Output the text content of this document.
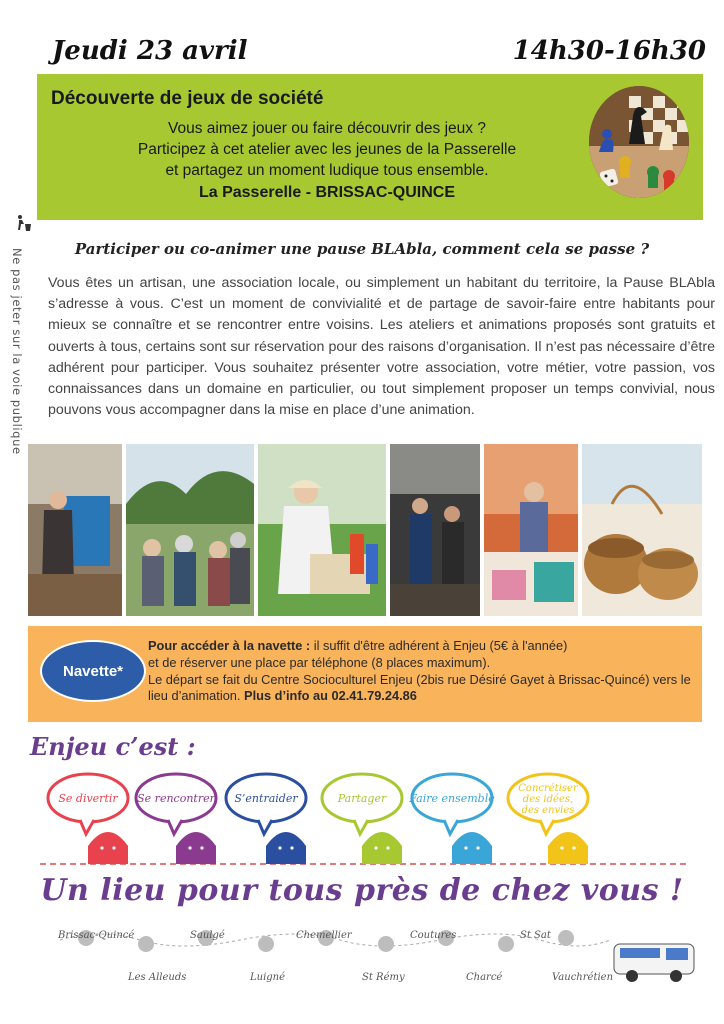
Jeudi 23 avril	14h30-16h30
Découverte de jeux de société
Vous aimez jouer ou faire découvrir des jeux ?
Participez à cet atelier avec les jeunes de la Passerelle
et partagez un moment ludique tous ensemble.
La Passerelle - BRISSAC-QUINCE
Ne pas jeter sur la voie publique	Participer ou co-animer une pause BLAbla, comment cela se passe ?
Vous êtes un artisan, une association locale, ou simplement un habitant du territoire, la Pause BLAbla s’adresse à vous. C’est un moment de convivialité et de partage de savoir-faire entre habitants pour mieux se connaître et se rencontrer entre voisins. Les ateliers et animations proposés sont gratuits et ouverts à tous, certains sont sur réservation pour des raisons d’organisation. Il n’est pas nécessaire d’être adhérent pour participer. Vous souhaitez présenter votre association, votre métier, votre passion, vos connaissances dans un domaine en particulier, ou tout simplement proposer un temps convivial, nous pouvons vous accompagner dans la mise en place d’une animation.
Navette*
Pour accéder à la navette : il suffit d'être adhérent à Enjeu (5€ à l'année)
et de réserver une place par téléphone (8 places maximum).
Le départ se fait du Centre Socioculturel Enjeu (2bis rue Désiré Gayet à Brissac-Quincé) vers le lieu d’animation. Plus d’info au 02.41.79.24.86
Enjeu c’est :
Se divertir Se rencontrer S’entraider	Partager Faire ensemble
Concrétiser
des idées,
des envies
Un lieu pour tous près de chez vous !
Brissac-Quincé	Saulgé	Chemellier	Coutures	St Sat
Les Alleuds	Luigné	St Rémy	Charcé	Vauchrétien
